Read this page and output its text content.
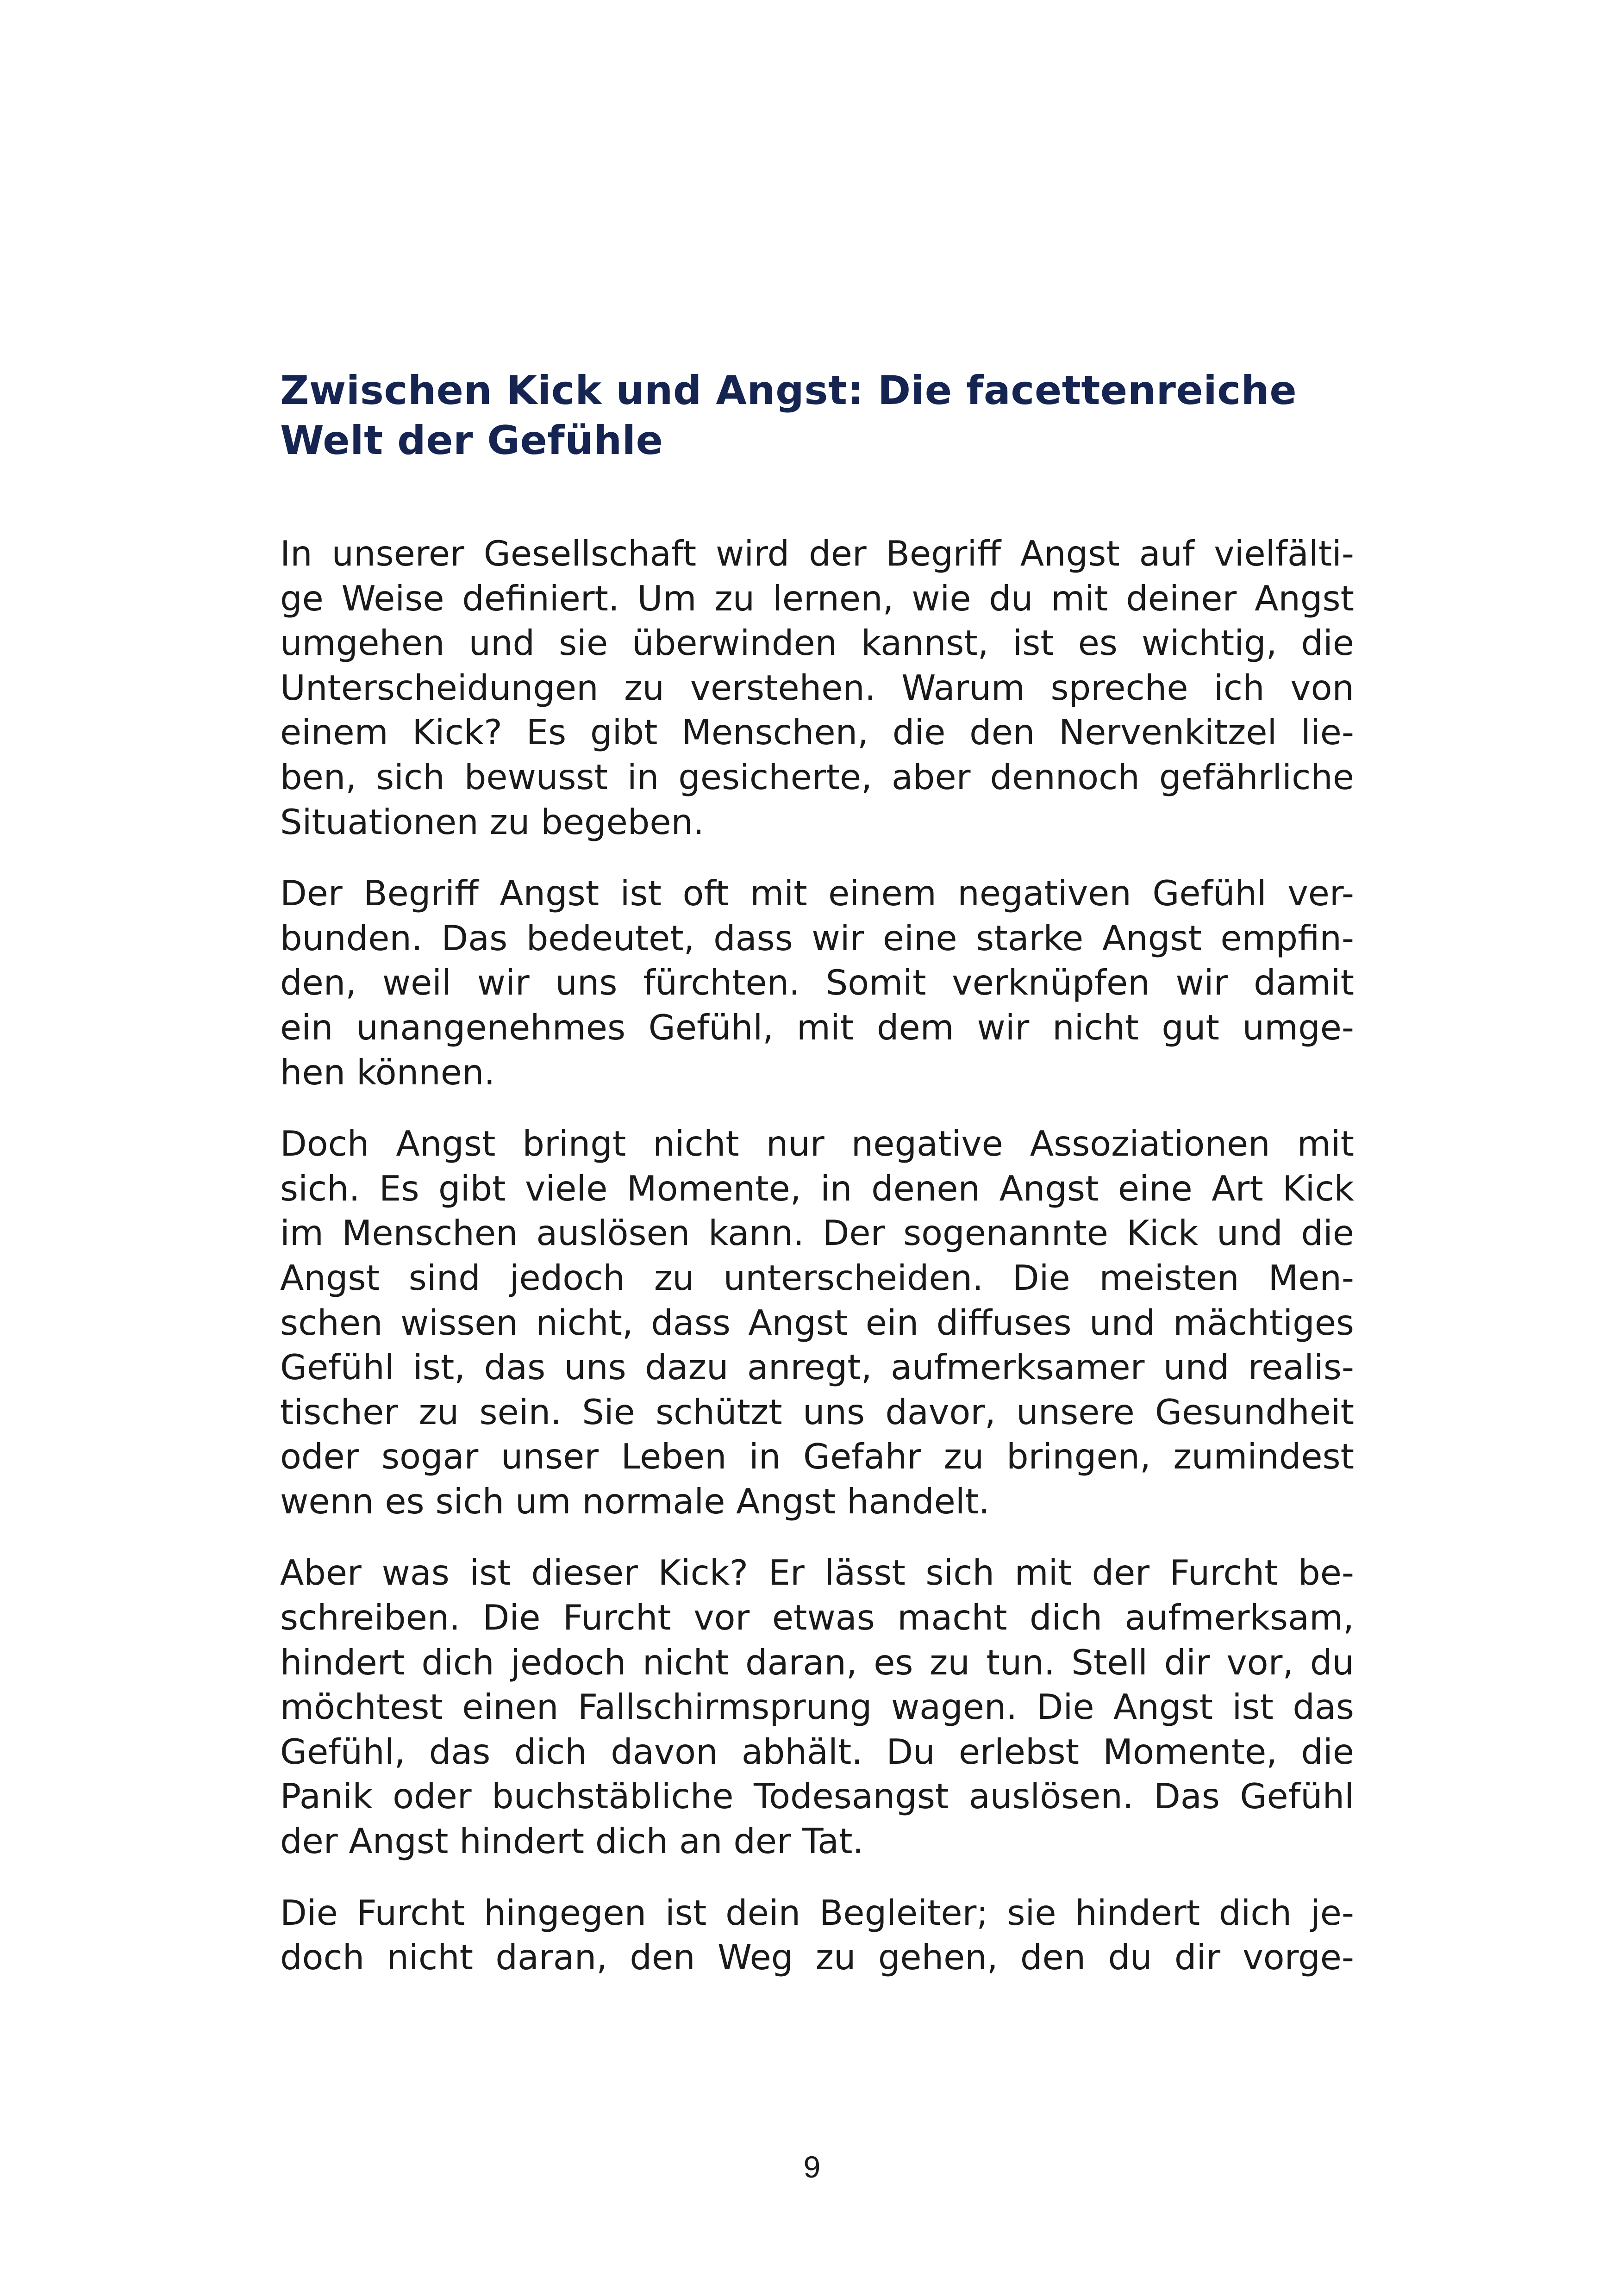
Zwischen Kick und Angst: Die facettenreiche
Welt der Gefühle

In unserer Gesellschaft wird der Begriff Angst auf vielfälti-
ge Weise definiert. Um zu lernen, wie du mit deiner Angst
umgehen und sie überwinden kannst, ist es wichtig, die
Unterscheidungen zu verstehen. Warum spreche ich von
einem Kick? Es gibt Menschen, die den Nervenkitzel lie-
ben, sich bewusst in gesicherte, aber dennoch gefährliche
Situationen zu begeben.

Der Begriff Angst ist oft mit einem negativen Gefühl ver-
bunden. Das bedeutet, dass wir eine starke Angst empfin-
den, weil wir uns fürchten. Somit verknüpfen wir damit
ein unangenehmes Gefühl, mit dem wir nicht gut umge-
hen können.

Doch Angst bringt nicht nur negative Assoziationen mit
sich. Es gibt viele Momente, in denen Angst eine Art Kick
im Menschen auslösen kann. Der sogenannte Kick und die
Angst sind jedoch zu unterscheiden. Die meisten Men-
schen wissen nicht, dass Angst ein diffuses und mächtiges
Gefühl ist, das uns dazu anregt, aufmerksamer und realis-
tischer zu sein. Sie schützt uns davor, unsere Gesundheit
oder sogar unser Leben in Gefahr zu bringen, zumindest
wenn es sich um normale Angst handelt.

Aber was ist dieser Kick? Er lässt sich mit der Furcht be-
schreiben. Die Furcht vor etwas macht dich aufmerksam,
hindert dich jedoch nicht daran, es zu tun. Stell dir vor, du
möchtest einen Fallschirmsprung wagen. Die Angst ist das
Gefühl, das dich davon abhält. Du erlebst Momente, die
Panik oder buchstäbliche Todesangst auslösen. Das Gefühl
der Angst hindert dich an der Tat.

Die Furcht hingegen ist dein Begleiter; sie hindert dich je-
doch nicht daran, den Weg zu gehen, den du dir vorge-

9
